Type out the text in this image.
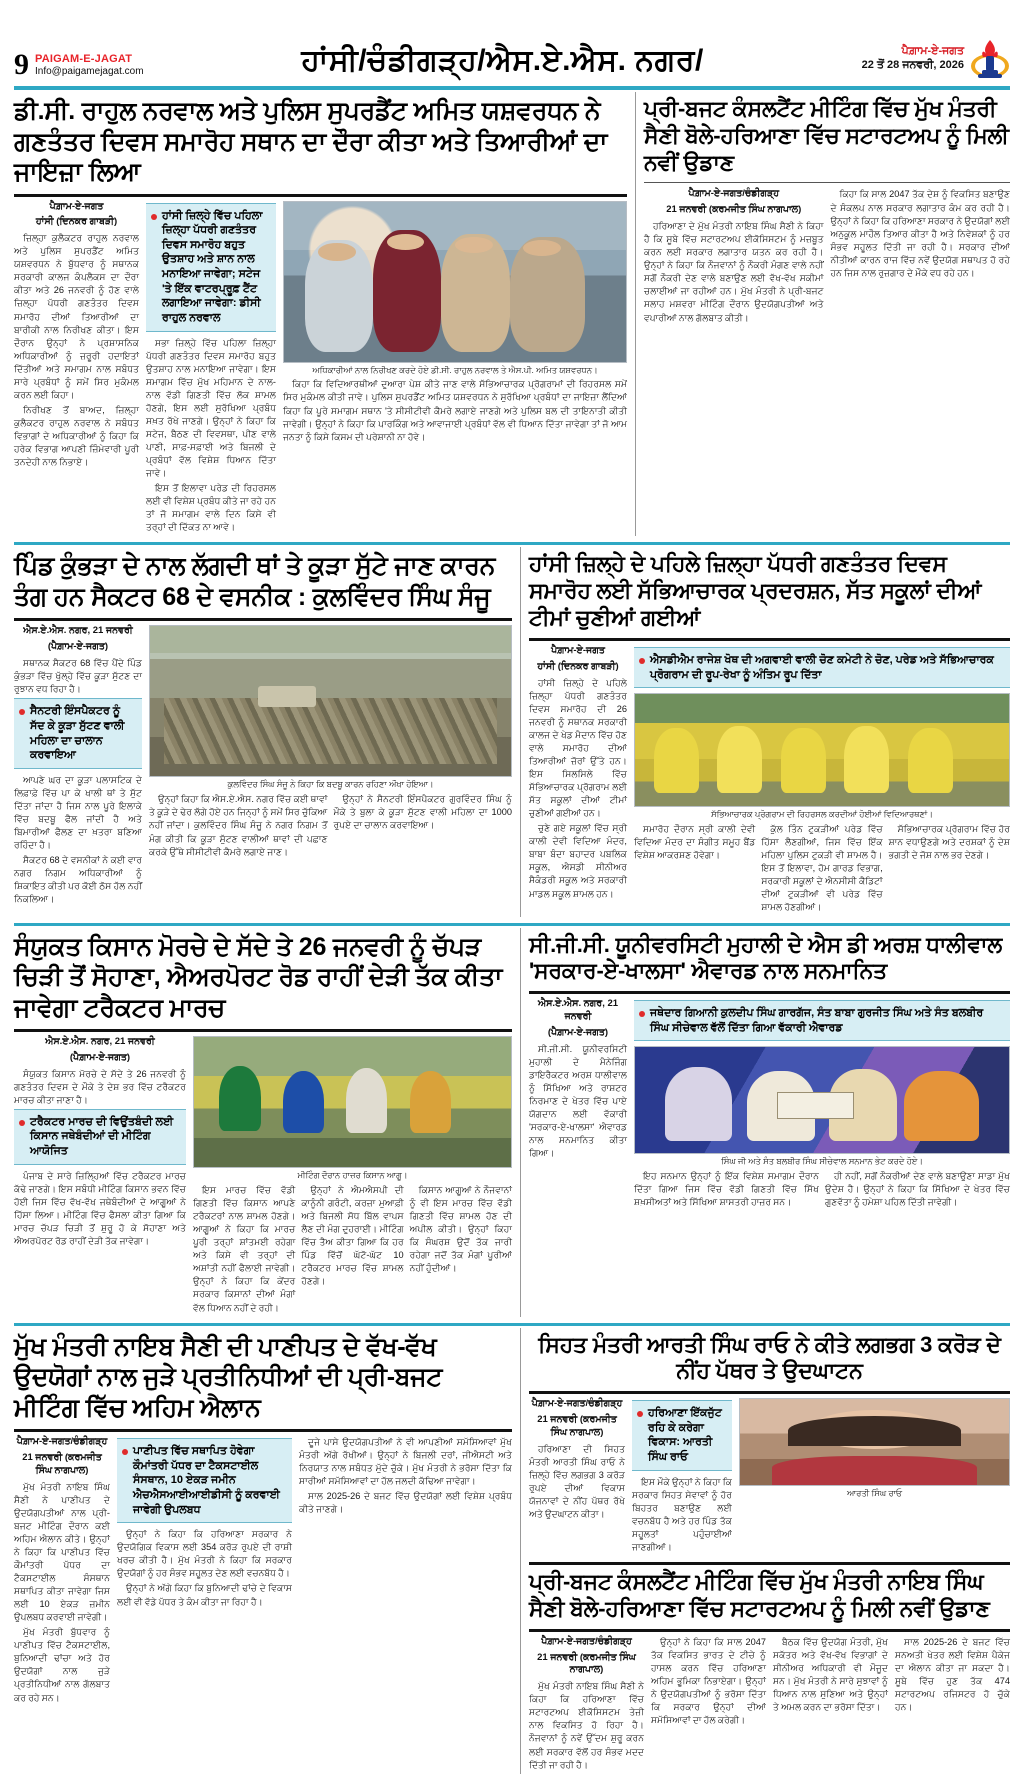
9 PAIGAM-E-JAGAT
Info@paigamejagat.com	ਹਾਂਸੀ/ਚੰਡੀਗੜ੍ਹ/ਐਸ.ਏ.ਐਸ. ਨਗਰ/	ਪੈਗ਼ਾਮ-ਏ-ਜਗਤ
22 ਤੋਂ 28 ਜਨਵਰੀ, 2026
ਡੀ.ਸੀ. ਰਾਹੁਲ ਨਰਵਾਲ ਅਤੇ ਪੁਲਿਸ ਸੁਪਰਡੈਂਟ ਅਮਿਤ ਯਸ਼ਵਰਧਨ ਨੇ ਗਣਤੰਤਰ ਦਿਵਸ ਸਮਾਰੋਹ ਸਥਾਨ ਦਾ ਦੌਰਾ ਕੀਤਾ ਅਤੇ ਤਿਆਰੀਆਂ ਦਾ ਜਾਇਜ਼ਾ ਲਿਆ
ਪੈਗ਼ਾਮ-ਏ-ਜਗਤ
ਹਾਂਸੀ (ਦਿਨਕਰ ਗਾਬੜੀ)

ਜ਼ਿਲ੍ਹਾ ਕੁਲੈਕਟਰ ਰਾਹੁਲ ਨਰਵਾਲ ਅਤੇ ਪੁਲਿਸ ਸੁਪਰਡੈਂਟ ਅਮਿਤ ਯਸ਼ਵਰਧਨ ਨੇ ਬੁੱਧਵਾਰ ਨੂੰ ਸਥਾਨਕ ਸਰਕਾਰੀ ਕਾਲਜ ਕੰਪਲੈਕਸ ਦਾ ਦੌਰਾ ਕੀਤਾ ਅਤੇ 26 ਜਨਵਰੀ ਨੂੰ ਹੋਣ ਵਾਲੇ ਜ਼ਿਲ੍ਹਾ ਪੱਧਰੀ ਗਣਤੰਤਰ ਦਿਵਸ ਸਮਾਰੋਹ ਦੀਆਂ ਤਿਆਰੀਆਂ ਦਾ ਬਾਰੀਕੀ ਨਾਲ ਨਿਰੀਖਣ ਕੀਤਾ। ਇਸ ਦੌਰਾਨ ਉਨ੍ਹਾਂ ਨੇ ਪ੍ਰਸ਼ਾਸਨਿਕ ਅਧਿਕਾਰੀਆਂ ਨੂੰ ਜ਼ਰੂਰੀ ਹਦਾਇਤਾਂ ਦਿੱਤੀਆਂ ਅਤੇ ਸਮਾਗਮ ਨਾਲ ਸਬੰਧਤ ਸਾਰੇ ਪ੍ਰਬੰਧਾਂ ਨੂੰ ਸਮੇਂ ਸਿਰ ਮੁਕੰਮਲ ਕਰਨ ਲਈ ਕਿਹਾ।

ਨਿਰੀਖਣ ਤੋਂ ਬਾਅਦ, ਜ਼ਿਲ੍ਹਾ ਕੁਲੈਕਟਰ ਰਾਹੁਲ ਨਰਵਾਲ ਨੇ ਸਬੰਧਤ ਵਿਭਾਗਾਂ ਦੇ ਅਧਿਕਾਰੀਆਂ ਨੂੰ ਕਿਹਾ ਕਿ ਹਰੇਕ ਵਿਭਾਗ ਆਪਣੀ ਜ਼ਿੰਮੇਵਾਰੀ ਪੂਰੀ ਤਨਦੇਹੀ ਨਾਲ ਨਿਭਾਏ।

ਹਾਂਸੀ ਜ਼ਿਲ੍ਹੇ ਵਿੱਚ ਪਹਿਲਾ ਜ਼ਿਲ੍ਹਾ ਪੱਧਰੀ ਗਣਤੰਤਰ ਦਿਵਸ ਸਮਾਰੋਹ ਬਹੁਤ ਉਤਸ਼ਾਹ ਅਤੇ ਸ਼ਾਨ ਨਾਲ ਮਨਾਇਆ ਜਾਵੇਗਾ; ਸਟੇਜ 'ਤੇ ਇੱਕ ਵਾਟਰਪ੍ਰੂਫ਼ ਟੈਂਟ ਲਗਾਇਆ ਜਾਵੇਗਾ: ਡੀਸੀ ਰਾਹੁਲ ਨਰਵਾਲ

ਸਭਾ ਜ਼ਿਲ੍ਹੇ ਵਿੱਚ ਪਹਿਲਾ ਜ਼ਿਲ੍ਹਾ ਪੱਧਰੀ ਗਣਤੰਤਰ ਦਿਵਸ ਸਮਾਰੋਹ ਬਹੁਤ ਉਤਸ਼ਾਹ ਨਾਲ ਮਨਾਇਆ ਜਾਵੇਗਾ। ਇਸ ਸਮਾਗਮ ਵਿੱਚ ਮੁੱਖ ਮਹਿਮਾਨ ਦੇ ਨਾਲ-ਨਾਲ ਵੱਡੀ ਗਿਣਤੀ ਵਿੱਚ ਲੋਕ ਸ਼ਾਮਲ ਹੋਣਗੇ, ਇਸ ਲਈ ਸੁਰੱਖਿਆ ਪ੍ਰਬੰਧ ਸਖ਼ਤ ਰੱਖੇ ਜਾਣਗੇ। ਉਨ੍ਹਾਂ ਨੇ ਕਿਹਾ ਕਿ ਸਟੇਜ, ਬੈਠਣ ਦੀ ਵਿਵਸਥਾ, ਪੀਣ ਵਾਲੇ ਪਾਣੀ, ਸਾਫ਼-ਸਫ਼ਾਈ ਅਤੇ ਬਿਜਲੀ ਦੇ ਪ੍ਰਬੰਧਾਂ ਵੱਲ ਵਿਸ਼ੇਸ਼ ਧਿਆਨ ਦਿੱਤਾ ਜਾਵੇ।

ਇਸ ਤੋਂ ਇਲਾਵਾ ਪਰੇਡ ਦੀ ਰਿਹਰਸਲ ਲਈ ਵੀ ਵਿਸ਼ੇਸ਼ ਪ੍ਰਬੰਧ ਕੀਤੇ ਜਾ ਰਹੇ ਹਨ ਤਾਂ ਜੋ ਸਮਾਗਮ ਵਾਲੇ ਦਿਨ ਕਿਸੇ ਵੀ ਤਰ੍ਹਾਂ ਦੀ ਦਿੱਕਤ ਨਾ ਆਵੇ।

ਅਧਿਕਾਰੀਆਂ ਨਾਲ ਨਿਰੀਖਣ ਕਰਦੇ ਹੋਏ ਡੀ.ਸੀ. ਰਾਹੁਲ ਨਰਵਾਲ ਤੇ ਐਸ.ਪੀ. ਅਮਿਤ ਯਸ਼ਵਰਧਨ।

ਕਿਹਾ ਕਿ ਵਿਦਿਆਰਥੀਆਂ ਦੁਆਰਾ ਪੇਸ਼ ਕੀਤੇ ਜਾਣ ਵਾਲੇ ਸੱਭਿਆਚਾਰਕ ਪ੍ਰੋਗਰਾਮਾਂ ਦੀ ਰਿਹਰਸਲ ਸਮੇਂ ਸਿਰ ਮੁਕੰਮਲ ਕੀਤੀ ਜਾਵੇ। ਪੁਲਿਸ ਸੁਪਰਡੈਂਟ ਅਮਿਤ ਯਸ਼ਵਰਧਨ ਨੇ ਸੁਰੱਖਿਆ ਪ੍ਰਬੰਧਾਂ ਦਾ ਜਾਇਜ਼ਾ ਲੈਂਦਿਆਂ ਕਿਹਾ ਕਿ ਪੂਰੇ ਸਮਾਗਮ ਸਥਾਨ 'ਤੇ ਸੀਸੀਟੀਵੀ ਕੈਮਰੇ ਲਗਾਏ ਜਾਣਗੇ ਅਤੇ ਪੁਲਿਸ ਬਲ ਦੀ ਤਾਇਨਾਤੀ ਕੀਤੀ ਜਾਵੇਗੀ। ਉਨ੍ਹਾਂ ਨੇ ਕਿਹਾ ਕਿ ਪਾਰਕਿੰਗ ਅਤੇ ਆਵਾਜਾਈ ਪ੍ਰਬੰਧਾਂ ਵੱਲ ਵੀ ਧਿਆਨ ਦਿੱਤਾ ਜਾਵੇਗਾ ਤਾਂ ਜੋ ਆਮ ਜਨਤਾ ਨੂੰ ਕਿਸੇ ਕਿਸਮ ਦੀ ਪਰੇਸ਼ਾਨੀ ਨਾ ਹੋਵੇ।

ਪ੍ਰੀ-ਬਜਟ ਕੰਸਲਟੈਂਟ ਮੀਟਿੰਗ ਵਿੱਚ ਮੁੱਖ ਮੰਤਰੀ ਸੈਣੀ ਬੋਲੇ-ਹਰਿਆਣਾ ਵਿੱਚ ਸਟਾਰਟਅਪ ਨੂੰ ਮਿਲੀ ਨਵੀਂ ਉਡਾਣ
ਪੈਗ਼ਾਮ-ਏ-ਜਗਤ/ਚੰਡੀਗੜ੍ਹ
21 ਜਨਵਰੀ (ਕਰਮਜੀਤ ਸਿੰਘ ਨਾਗਪਾਲ)

ਹਰਿਆਣਾ ਦੇ ਮੁੱਖ ਮੰਤਰੀ ਨਾਇਬ ਸਿੰਘ ਸੈਣੀ ਨੇ ਕਿਹਾ ਹੈ ਕਿ ਸੂਬੇ ਵਿੱਚ ਸਟਾਰਟਅਪ ਈਕੋਸਿਸਟਮ ਨੂੰ ਮਜ਼ਬੂਤ ਕਰਨ ਲਈ ਸਰਕਾਰ ਲਗਾਤਾਰ ਯਤਨ ਕਰ ਰਹੀ ਹੈ। ਉਨ੍ਹਾਂ ਨੇ ਕਿਹਾ ਕਿ ਨੌਜਵਾਨਾਂ ਨੂੰ ਨੌਕਰੀ ਮੰਗਣ ਵਾਲੇ ਨਹੀਂ ਸਗੋਂ ਨੌਕਰੀ ਦੇਣ ਵਾਲੇ ਬਣਾਉਣ ਲਈ ਵੱਖ-ਵੱਖ ਸਕੀਮਾਂ ਚਲਾਈਆਂ ਜਾ ਰਹੀਆਂ ਹਨ। ਮੁੱਖ ਮੰਤਰੀ ਨੇ ਪ੍ਰੀ-ਬਜਟ ਸਲਾਹ ਮਸ਼ਵਰਾ ਮੀਟਿੰਗ ਦੌਰਾਨ ਉਦਯੋਗਪਤੀਆਂ ਅਤੇ ਵਪਾਰੀਆਂ ਨਾਲ ਗੱਲਬਾਤ ਕੀਤੀ।

ਕਿਹਾ ਕਿ ਸਾਲ 2047 ਤੱਕ ਦੇਸ਼ ਨੂੰ ਵਿਕਸਿਤ ਬਣਾਉਣ ਦੇ ਸੰਕਲਪ ਨਾਲ ਸਰਕਾਰ ਲਗਾਤਾਰ ਕੰਮ ਕਰ ਰਹੀ ਹੈ। ਉਨ੍ਹਾਂ ਨੇ ਕਿਹਾ ਕਿ ਹਰਿਆਣਾ ਸਰਕਾਰ ਨੇ ਉਦਯੋਗਾਂ ਲਈ ਅਨੁਕੂਲ ਮਾਹੌਲ ਤਿਆਰ ਕੀਤਾ ਹੈ ਅਤੇ ਨਿਵੇਸ਼ਕਾਂ ਨੂੰ ਹਰ ਸੰਭਵ ਸਹੂਲਤ ਦਿੱਤੀ ਜਾ ਰਹੀ ਹੈ। ਸਰਕਾਰ ਦੀਆਂ ਨੀਤੀਆਂ ਕਾਰਨ ਰਾਜ ਵਿੱਚ ਨਵੇਂ ਉਦਯੋਗ ਸਥਾਪਤ ਹੋ ਰਹੇ ਹਨ ਜਿਸ ਨਾਲ ਰੁਜ਼ਗਾਰ ਦੇ ਮੌਕੇ ਵਧ ਰਹੇ ਹਨ।

ਪਿੰਡ ਕੁੰਭੜਾ ਦੇ ਨਾਲ ਲੱਗਦੀ ਥਾਂ ਤੇ ਕੂੜਾ ਸੁੱਟੇ ਜਾਣ ਕਾਰਨ ਤੰਗ ਹਨ ਸੈਕਟਰ 68 ਦੇ ਵਸਨੀਕ : ਕੁਲਵਿੰਦਰ ਸਿੰਘ ਸੰਜੂ
ਐਸ.ਏ.ਐਸ. ਨਗਰ, 21 ਜਨਵਰੀ
(ਪੈਗ਼ਾਮ-ਏ-ਜਗਤ)

ਸਥਾਨਕ ਸੈਕਟਰ 68 ਵਿੱਚ ਪੈਂਦੇ ਪਿੰਡ ਕੁੰਭੜਾ ਵਿੱਚ ਖੁੱਲ੍ਹੇ ਵਿੱਚ ਕੂੜਾ ਸੁੱਟਣ ਦਾ ਰੁਝਾਨ ਵਧ ਰਿਹਾ ਹੈ।

ਸੈਨਟਰੀ ਇੰਸਪੈਕਟਰ ਨੂੰ ਸੱਦ ਕੇ ਕੂੜਾ ਸੁੱਟਣ ਵਾਲੀ ਮਹਿਲਾ ਦਾ ਚਾਲਾਨ ਕਰਵਾਇਆ

ਆਪਣੇ ਘਰ ਦਾ ਕੂੜਾ ਪਲਾਸਟਿਕ ਦੇ ਲਿਫ਼ਾਫ਼ੇ ਵਿੱਚ ਪਾ ਕੇ ਖਾਲੀ ਥਾਂ ਤੇ ਸੁੱਟ ਦਿੱਤਾ ਜਾਂਦਾ ਹੈ ਜਿਸ ਨਾਲ ਪੂਰੇ ਇਲਾਕੇ ਵਿੱਚ ਬਦਬੂ ਫੈਲ ਜਾਂਦੀ ਹੈ ਅਤੇ ਬਿਮਾਰੀਆਂ ਫੈਲਣ ਦਾ ਖ਼ਤਰਾ ਬਣਿਆ ਰਹਿੰਦਾ ਹੈ।

ਸੈਕਟਰ 68 ਦੇ ਵਸਨੀਕਾਂ ਨੇ ਕਈ ਵਾਰ ਨਗਰ ਨਿਗਮ ਅਧਿਕਾਰੀਆਂ ਨੂੰ ਸ਼ਿਕਾਇਤ ਕੀਤੀ ਪਰ ਕੋਈ ਠੋਸ ਹੱਲ ਨਹੀਂ ਨਿਕਲਿਆ।

ਕੁਲਵਿੰਦਰ ਸਿੰਘ ਸੰਜੂ ਨੇ ਕਿਹਾ ਕਿ ਬਦਬੂ ਕਾਰਨ ਰਹਿਣਾ ਔਖਾ ਹੋਇਆ।

ਉਨ੍ਹਾਂ ਕਿਹਾ ਕਿ ਐਸ.ਏ.ਐਸ. ਨਗਰ ਵਿੱਚ ਕਈ ਥਾਵਾਂ ਤੇ ਕੂੜੇ ਦੇ ਢੇਰ ਲੱਗੇ ਹੋਏ ਹਨ ਜਿਨ੍ਹਾਂ ਨੂੰ ਸਮੇਂ ਸਿਰ ਚੁੱਕਿਆ ਨਹੀਂ ਜਾਂਦਾ। ਕੁਲਵਿੰਦਰ ਸਿੰਘ ਸੰਜੂ ਨੇ ਨਗਰ ਨਿਗਮ ਤੋਂ ਮੰਗ ਕੀਤੀ ਕਿ ਕੂੜਾ ਸੁੱਟਣ ਵਾਲੀਆਂ ਥਾਵਾਂ ਦੀ ਪਛਾਣ ਕਰਕੇ ਉੱਥੇ ਸੀਸੀਟੀਵੀ ਕੈਮਰੇ ਲਗਾਏ ਜਾਣ।

ਉਨ੍ਹਾਂ ਨੇ ਸੈਨਟਰੀ ਇੰਸਪੈਕਟਰ ਗੁਰਵਿੰਦਰ ਸਿੰਘ ਨੂੰ ਮੌਕੇ ਤੇ ਬੁਲਾ ਕੇ ਕੂੜਾ ਸੁੱਟਣ ਵਾਲੀ ਮਹਿਲਾ ਦਾ 1000 ਰੁਪਏ ਦਾ ਚਾਲਾਨ ਕਰਵਾਇਆ।

ਹਾਂਸੀ ਜ਼ਿਲ੍ਹੇ ਦੇ ਪਹਿਲੇ ਜ਼ਿਲ੍ਹਾ ਪੱਧਰੀ ਗਣਤੰਤਰ ਦਿਵਸ ਸਮਾਰੋਹ ਲਈ ਸੱਭਿਆਚਾਰਕ ਪ੍ਰਦਰਸ਼ਨ, ਸੱਤ ਸਕੂਲਾਂ ਦੀਆਂ ਟੀਮਾਂ ਚੁਣੀਆਂ ਗਈਆਂ
ਪੈਗ਼ਾਮ-ਏ-ਜਗਤ
ਹਾਂਸੀ (ਦਿਨਕਰ ਗਾਬੜੀ)

ਹਾਂਸੀ ਜ਼ਿਲ੍ਹੇ ਦੇ ਪਹਿਲੇ ਜ਼ਿਲ੍ਹਾ ਪੱਧਰੀ ਗਣਤੰਤਰ ਦਿਵਸ ਸਮਾਰੋਹ ਦੀ 26 ਜਨਵਰੀ ਨੂੰ ਸਥਾਨਕ ਸਰਕਾਰੀ ਕਾਲਜ ਦੇ ਖੇਡ ਮੈਦਾਨ ਵਿੱਚ ਹੋਣ ਵਾਲੇ ਸਮਾਰੋਹ ਦੀਆਂ ਤਿਆਰੀਆਂ ਜ਼ੋਰਾਂ ਉੱਤੇ ਹਨ। ਇਸ ਸਿਲਸਿਲੇ ਵਿੱਚ ਸੱਭਿਆਚਾਰਕ ਪ੍ਰੋਗਰਾਮ ਲਈ ਸੱਤ ਸਕੂਲਾਂ ਦੀਆਂ ਟੀਮਾਂ ਚੁਣੀਆਂ ਗਈਆਂ ਹਨ।

ਚੁਣੇ ਗਏ ਸਕੂਲਾਂ ਵਿੱਚ ਸ੍ਰੀ ਕਾਲੀ ਦੇਵੀ ਵਿਦਿਆ ਮੰਦਰ, ਬਾਬਾ ਬੰਦਾ ਬਹਾਦਰ ਪਬਲਿਕ ਸਕੂਲ, ਐਸਡੀ ਸੀਨੀਅਰ ਸੈਕੰਡਰੀ ਸਕੂਲ ਅਤੇ ਸਰਕਾਰੀ ਮਾਡਲ ਸਕੂਲ ਸ਼ਾਮਲ ਹਨ।

ਐਸਡੀਐਮ ਰਾਜੇਸ਼ ਖੋਥ ਦੀ ਅਗਵਾਈ ਵਾਲੀ ਚੋਣ ਕਮੇਟੀ ਨੇ ਚੋਣ, ਪਰੇਡ ਅਤੇ ਸੱਭਿਆਚਾਰਕ ਪ੍ਰੋਗਰਾਮ ਦੀ ਰੂਪ-ਰੇਖਾ ਨੂੰ ਅੰਤਿਮ ਰੂਪ ਦਿੱਤਾ
ਸੱਭਿਆਚਾਰਕ ਪ੍ਰੋਗਰਾਮ ਦੀ ਰਿਹਰਸਲ ਕਰਦੀਆਂ ਹੋਈਆਂ ਵਿਦਿਆਰਥਣਾਂ।

ਸਮਾਰੋਹ ਦੌਰਾਨ ਸ੍ਰੀ ਕਾਲੀ ਦੇਵੀ ਵਿਦਿਆ ਮੰਦਰ ਦਾ ਸੰਗੀਤ ਸਮੂਹ ਬੈਂਡ ਵਿਸ਼ੇਸ਼ ਆਕਰਸ਼ਣ ਹੋਵੇਗਾ।

ਕੁੱਲ ਤਿੰਨ ਟੁਕੜੀਆਂ ਪਰੇਡ ਵਿੱਚ ਹਿੱਸਾ ਲੈਣਗੀਆਂ, ਜਿਸ ਵਿੱਚ ਇੱਕ ਮਹਿਲਾ ਪੁਲਿਸ ਟੁਕੜੀ ਵੀ ਸ਼ਾਮਲ ਹੈ। ਇਸ ਤੋਂ ਇਲਾਵਾ, ਹੋਮ ਗਾਰਡ ਵਿਭਾਗ, ਸਰਕਾਰੀ ਸਕੂਲਾਂ ਦੇ ਐਨਸੀਸੀ ਕੈਡਿਟਾਂ ਦੀਆਂ ਟੁਕੜੀਆਂ ਵੀ ਪਰੇਡ ਵਿੱਚ ਸ਼ਾਮਲ ਹੋਣਗੀਆਂ।

ਸੱਭਿਆਚਾਰਕ ਪ੍ਰੋਗਰਾਮ ਵਿੱਚ ਹੋਰ ਸ਼ਾਨ ਵਧਾਉਣਗੇ ਅਤੇ ਦਰਸ਼ਕਾਂ ਨੂੰ ਦੇਸ਼ ਭਗਤੀ ਦੇ ਜੋਸ਼ ਨਾਲ ਭਰ ਦੇਣਗੇ।

ਸੰਯੁਕਤ ਕਿਸਾਨ ਮੋਰਚੇ ਦੇ ਸੱਦੇ ਤੇ 26 ਜਨਵਰੀ ਨੂੰ ਚੱਪੜ ਚਿੜੀ ਤੋਂ ਸੋਹਾਣਾ, ਐਅਰਪੋਰਟ ਰੋਡ ਰਾਹੀਂ ਦੇੜੀ ਤੱਕ ਕੀਤਾ ਜਾਵੇਗਾ ਟਰੈਕਟਰ ਮਾਰਚ
ਐਸ.ਏ.ਐਸ. ਨਗਰ, 21 ਜਨਵਰੀ
(ਪੈਗ਼ਾਮ-ਏ-ਜਗਤ)

ਸੰਯੁਕਤ ਕਿਸਾਨ ਮੋਰਚੇ ਦੇ ਸੱਦੇ ਤੇ 26 ਜਨਵਰੀ ਨੂੰ ਗਣਤੰਤਰ ਦਿਵਸ ਦੇ ਮੌਕੇ ਤੇ ਦੇਸ਼ ਭਰ ਵਿੱਚ ਟਰੈਕਟਰ ਮਾਰਚ ਕੀਤਾ ਜਾਣਾ ਹੈ।

ਟਰੈਕਟਰ ਮਾਰਚ ਦੀ ਵਿਉਂਤਬੰਦੀ ਲਈ ਕਿਸਾਨ ਜਥੇਬੰਦੀਆਂ ਦੀ ਮੀਟਿੰਗ ਆਯੋਜਿਤ

ਪੰਜਾਬ ਦੇ ਸਾਰੇ ਜ਼ਿਲ੍ਹਿਆਂ ਵਿੱਚ ਟਰੈਕਟਰ ਮਾਰਚ ਕੱਢੇ ਜਾਣਗੇ। ਇਸ ਸਬੰਧੀ ਮੀਟਿੰਗ ਕਿਸਾਨ ਭਵਨ ਵਿੱਚ ਹੋਈ ਜਿਸ ਵਿੱਚ ਵੱਖ-ਵੱਖ ਜਥੇਬੰਦੀਆਂ ਦੇ ਆਗੂਆਂ ਨੇ ਹਿੱਸਾ ਲਿਆ। ਮੀਟਿੰਗ ਵਿੱਚ ਫੈਸਲਾ ਕੀਤਾ ਗਿਆ ਕਿ ਮਾਰਚ ਚੱਪੜ ਚਿੜੀ ਤੋਂ ਸ਼ੁਰੂ ਹੋ ਕੇ ਸੋਹਾਣਾ ਅਤੇ ਐਅਰਪੋਰਟ ਰੋਡ ਰਾਹੀਂ ਦੇੜੀ ਤੱਕ ਜਾਵੇਗਾ।

ਮੀਟਿੰਗ ਦੌਰਾਨ ਹਾਜ਼ਰ ਕਿਸਾਨ ਆਗੂ।

ਇਸ ਮਾਰਚ ਵਿੱਚ ਵੱਡੀ ਗਿਣਤੀ ਵਿੱਚ ਕਿਸਾਨ ਆਪਣੇ ਟਰੈਕਟਰਾਂ ਨਾਲ ਸ਼ਾਮਲ ਹੋਣਗੇ। ਆਗੂਆਂ ਨੇ ਕਿਹਾ ਕਿ ਮਾਰਚ ਪੂਰੀ ਤਰ੍ਹਾਂ ਸ਼ਾਂਤਮਈ ਰਹੇਗਾ ਅਤੇ ਕਿਸੇ ਵੀ ਤਰ੍ਹਾਂ ਦੀ ਅਸ਼ਾਂਤੀ ਨਹੀਂ ਫੈਲਾਈ ਜਾਵੇਗੀ। ਉਨ੍ਹਾਂ ਨੇ ਕਿਹਾ ਕਿ ਕੇਂਦਰ ਸਰਕਾਰ ਕਿਸਾਨਾਂ ਦੀਆਂ ਮੰਗਾਂ ਵੱਲ ਧਿਆਨ ਨਹੀਂ ਦੇ ਰਹੀ।

ਉਨ੍ਹਾਂ ਨੇ ਐਮਐਸਪੀ ਦੀ ਕਾਨੂੰਨੀ ਗਰੰਟੀ, ਕਰਜ਼ਾ ਮੁਆਫ਼ੀ ਅਤੇ ਬਿਜਲੀ ਸੋਧ ਬਿੱਲ ਵਾਪਸ ਲੈਣ ਦੀ ਮੰਗ ਦੁਹਰਾਈ। ਮੀਟਿੰਗ ਵਿੱਚ ਤੈਅ ਕੀਤਾ ਗਿਆ ਕਿ ਹਰ ਪਿੰਡ ਵਿੱਚੋਂ ਘੱਟੋ-ਘੱਟ 10 ਟਰੈਕਟਰ ਮਾਰਚ ਵਿੱਚ ਸ਼ਾਮਲ ਹੋਣਗੇ।

ਕਿਸਾਨ ਆਗੂਆਂ ਨੇ ਨੌਜਵਾਨਾਂ ਨੂੰ ਵੀ ਇਸ ਮਾਰਚ ਵਿੱਚ ਵੱਡੀ ਗਿਣਤੀ ਵਿੱਚ ਸ਼ਾਮਲ ਹੋਣ ਦੀ ਅਪੀਲ ਕੀਤੀ। ਉਨ੍ਹਾਂ ਕਿਹਾ ਕਿ ਸੰਘਰਸ਼ ਉਦੋਂ ਤੱਕ ਜਾਰੀ ਰਹੇਗਾ ਜਦੋਂ ਤੱਕ ਮੰਗਾਂ ਪੂਰੀਆਂ ਨਹੀਂ ਹੁੰਦੀਆਂ।

ਸੀ.ਜੀ.ਸੀ. ਯੂਨੀਵਰਸਿਟੀ ਮੁਹਾਲੀ ਦੇ ਐਸ ਡੀ ਅਰਸ਼ ਧਾਲੀਵਾਲ 'ਸਰਕਾਰ-ਏ-ਖਾਲਸਾ' ਐਵਾਰਡ ਨਾਲ ਸਨਮਾਨਿਤ
ਐਸ.ਏ.ਐਸ. ਨਗਰ, 21 ਜਨਵਰੀ
(ਪੈਗ਼ਾਮ-ਏ-ਜਗਤ)

ਸੀ.ਜੀ.ਸੀ. ਯੂਨੀਵਰਸਿਟੀ ਮੁਹਾਲੀ ਦੇ ਮੈਨੇਜਿੰਗ ਡਾਇਰੈਕਟਰ ਅਰਸ਼ ਧਾਲੀਵਾਲ ਨੂੰ ਸਿੱਖਿਆ ਅਤੇ ਰਾਸ਼ਟਰ ਨਿਰਮਾਣ ਦੇ ਖੇਤਰ ਵਿੱਚ ਪਾਏ ਯੋਗਦਾਨ ਲਈ ਵੱਕਾਰੀ 'ਸਰਕਾਰ-ਏ-ਖਾਲਸਾ' ਐਵਾਰਡ ਨਾਲ ਸਨਮਾਨਿਤ ਕੀਤਾ ਗਿਆ।

ਜਥੇਦਾਰ ਗਿਆਨੀ ਕੁਲਦੀਪ ਸਿੰਘ ਗਾਰਗੱਜ, ਸੰਤ ਬਾਬਾ ਗੁਰਜੀਤ ਸਿੰਘ ਅਤੇ ਸੰਤ ਬਲਬੀਰ ਸਿੰਘ ਸੀਚੇਵਾਲ ਵੱਲੋਂ ਦਿੱਤਾ ਗਿਆ ਵੱਕਾਰੀ ਐਵਾਰਡ
ਸਿੰਘ ਜੀ ਅਤੇ ਸੰਤ ਬਲਬੀਰ ਸਿੰਘ ਸੀਚੇਵਾਲ ਸਨਮਾਨ ਭੇਟ ਕਰਦੇ ਹੋਏ।

ਇਹ ਸਨਮਾਨ ਉਨ੍ਹਾਂ ਨੂੰ ਇੱਕ ਵਿਸ਼ੇਸ਼ ਸਮਾਗਮ ਦੌਰਾਨ ਦਿੱਤਾ ਗਿਆ ਜਿਸ ਵਿੱਚ ਵੱਡੀ ਗਿਣਤੀ ਵਿੱਚ ਸਿੱਖ ਸ਼ਖ਼ਸੀਅਤਾਂ ਅਤੇ ਸਿੱਖਿਆ ਸ਼ਾਸਤਰੀ ਹਾਜ਼ਰ ਸਨ।

ਹੀ ਨਹੀਂ, ਸਗੋਂ ਨੌਕਰੀਆਂ ਦੇਣ ਵਾਲੇ ਬਣਾਉਣਾ ਸਾਡਾ ਮੁੱਖ ਉਦੇਸ਼ ਹੈ। ਉਨ੍ਹਾਂ ਨੇ ਕਿਹਾ ਕਿ ਸਿੱਖਿਆ ਦੇ ਖੇਤਰ ਵਿੱਚ ਗੁਣਵੱਤਾ ਨੂੰ ਹਮੇਸ਼ਾ ਪਹਿਲ ਦਿੱਤੀ ਜਾਵੇਗੀ।

ਮੁੱਖ ਮੰਤਰੀ ਨਾਇਬ ਸੈਣੀ ਦੀ ਪਾਣੀਪਤ ਦੇ ਵੱਖ-ਵੱਖ ਉਦਯੋਗਾਂ ਨਾਲ ਜੁੜੇ ਪ੍ਰਤੀਨਿਧੀਆਂ ਦੀ ਪ੍ਰੀ-ਬਜਟ ਮੀਟਿੰਗ ਵਿੱਚ ਅਹਿਮ ਐਲਾਨ
ਪੈਗ਼ਾਮ-ਏ-ਜਗਤ/ਚੰਡੀਗੜ੍ਹ
21 ਜਨਵਰੀ (ਕਰਮਜੀਤ ਸਿੰਘ ਨਾਗਪਾਲ)

ਮੁੱਖ ਮੰਤਰੀ ਨਾਇਬ ਸਿੰਘ ਸੈਣੀ ਨੇ ਪਾਣੀਪਤ ਦੇ ਉਦਯੋਗਪਤੀਆਂ ਨਾਲ ਪ੍ਰੀ-ਬਜਟ ਮੀਟਿੰਗ ਦੌਰਾਨ ਕਈ ਅਹਿਮ ਐਲਾਨ ਕੀਤੇ। ਉਨ੍ਹਾਂ ਨੇ ਕਿਹਾ ਕਿ ਪਾਣੀਪਤ ਵਿੱਚ ਕੌਮਾਂਤਰੀ ਪੱਧਰ ਦਾ ਟੈਕਸਟਾਈਲ ਸੰਸਥਾਨ ਸਥਾਪਿਤ ਕੀਤਾ ਜਾਵੇਗਾ ਜਿਸ ਲਈ 10 ਏਕੜ ਜ਼ਮੀਨ ਉਪਲਬਧ ਕਰਵਾਈ ਜਾਵੇਗੀ।

ਮੁੱਖ ਮੰਤਰੀ ਬੁੱਧਵਾਰ ਨੂੰ ਪਾਣੀਪਤ ਵਿੱਚ ਟੈਕਸਟਾਈਲ, ਬੁਨਿਆਦੀ ਢਾਂਚਾ ਅਤੇ ਹੋਰ ਉਦਯੋਗਾਂ ਨਾਲ ਜੁੜੇ ਪ੍ਰਤੀਨਿਧੀਆਂ ਨਾਲ ਗੱਲਬਾਤ ਕਰ ਰਹੇ ਸਨ।

ਪਾਣੀਪਤ ਵਿੱਚ ਸਥਾਪਿਤ ਹੋਵੇਗਾ ਕੌਮਾਂਤਰੀ ਪੱਧਰ ਦਾ ਟੈਕਸਟਾਈਲ ਸੰਸਥਾਨ, 10 ਏਕੜ ਜਮੀਨ ਐਚਐਸਆਈਆਈਡੀਸੀ ਨੂੰ ਕਰਵਾਈ ਜਾਵੇਗੀ ਉਪਲਬਧ

ਉਨ੍ਹਾਂ ਨੇ ਕਿਹਾ ਕਿ ਹਰਿਆਣਾ ਸਰਕਾਰ ਨੇ ਉਦਯੋਗਿਕ ਵਿਕਾਸ ਲਈ 354 ਕਰੋੜ ਰੁਪਏ ਦੀ ਰਾਸ਼ੀ ਖਰਚ ਕੀਤੀ ਹੈ। ਮੁੱਖ ਮੰਤਰੀ ਨੇ ਕਿਹਾ ਕਿ ਸਰਕਾਰ ਉਦਯੋਗਾਂ ਨੂੰ ਹਰ ਸੰਭਵ ਸਹੂਲਤ ਦੇਣ ਲਈ ਵਚਨਬੱਧ ਹੈ।

ਉਨ੍ਹਾਂ ਨੇ ਅੱਗੇ ਕਿਹਾ ਕਿ ਬੁਨਿਆਦੀ ਢਾਂਚੇ ਦੇ ਵਿਕਾਸ ਲਈ ਵੀ ਵੱਡੇ ਪੱਧਰ ਤੇ ਕੰਮ ਕੀਤਾ ਜਾ ਰਿਹਾ ਹੈ।

ਦੂਜੇ ਪਾਸੇ ਉਦਯੋਗਪਤੀਆਂ ਨੇ ਵੀ ਆਪਣੀਆਂ ਸਮੱਸਿਆਵਾਂ ਮੁੱਖ ਮੰਤਰੀ ਅੱਗੇ ਰੱਖੀਆਂ। ਉਨ੍ਹਾਂ ਨੇ ਬਿਜਲੀ ਦਰਾਂ, ਜੀਐਸਟੀ ਅਤੇ ਨਿਰਯਾਤ ਨਾਲ ਸਬੰਧਤ ਮੁੱਦੇ ਚੁੱਕੇ। ਮੁੱਖ ਮੰਤਰੀ ਨੇ ਭਰੋਸਾ ਦਿੱਤਾ ਕਿ ਸਾਰੀਆਂ ਸਮੱਸਿਆਵਾਂ ਦਾ ਹੱਲ ਜਲਦੀ ਕੱਢਿਆ ਜਾਵੇਗਾ।

ਸਾਲ 2025-26 ਦੇ ਬਜਟ ਵਿੱਚ ਉਦਯੋਗਾਂ ਲਈ ਵਿਸ਼ੇਸ਼ ਪ੍ਰਬੰਧ ਕੀਤੇ ਜਾਣਗੇ।

ਸਿਹਤ ਮੰਤਰੀ ਆਰਤੀ ਸਿੰਘ ਰਾਓ ਨੇ ਕੀਤੇ ਲਗਭਗ 3 ਕਰੋੜ ਦੇ ਨੀਂਹ ਪੱਥਰ ਤੇ ਉਦਘਾਟਨ
ਪੈਗ਼ਾਮ-ਏ-ਜਗਤ/ਚੰਡੀਗੜ੍ਹ
21 ਜਨਵਰੀ (ਕਰਮਜੀਤ ਸਿੰਘ ਨਾਗਪਾਲ)

ਹਰਿਆਣਾ ਦੀ ਸਿਹਤ ਮੰਤਰੀ ਆਰਤੀ ਸਿੰਘ ਰਾਓ ਨੇ ਜ਼ਿਲ੍ਹੇ ਵਿੱਚ ਲਗਭਗ 3 ਕਰੋੜ ਰੁਪਏ ਦੀਆਂ ਵਿਕਾਸ ਯੋਜਨਾਵਾਂ ਦੇ ਨੀਂਹ ਪੱਥਰ ਰੱਖੇ ਅਤੇ ਉਦਘਾਟਨ ਕੀਤਾ।

ਹਰਿਆਣਾ ਇੱਕਜੁੱਟ ਰਹਿ ਕੇ ਕਰੇਗਾ ਵਿਕਾਸ: ਆਰਤੀ ਸਿੰਘ ਰਾਓ

ਇਸ ਮੌਕੇ ਉਨ੍ਹਾਂ ਨੇ ਕਿਹਾ ਕਿ ਸਰਕਾਰ ਸਿਹਤ ਸੇਵਾਵਾਂ ਨੂੰ ਹੋਰ ਬਿਹਤਰ ਬਣਾਉਣ ਲਈ ਵਚਨਬੱਧ ਹੈ ਅਤੇ ਹਰ ਪਿੰਡ ਤੱਕ ਸਹੂਲਤਾਂ ਪਹੁੰਚਾਈਆਂ ਜਾਣਗੀਆਂ।

ਆਰਤੀ ਸਿੰਘ ਰਾਓ
ਪ੍ਰੀ-ਬਜਟ ਕੰਸਲਟੈਂਟ ਮੀਟਿੰਗ ਵਿੱਚ ਮੁੱਖ ਮੰਤਰੀ ਨਾਇਬ ਸਿੰਘ ਸੈਣੀ ਬੋਲੇ-ਹਰਿਆਣਾ ਵਿੱਚ ਸਟਾਰਟਅਪ ਨੂੰ ਮਿਲੀ ਨਵੀਂ ਉਡਾਣ
ਪੈਗ਼ਾਮ-ਏ-ਜਗਤ/ਚੰਡੀਗੜ੍ਹ
21 ਜਨਵਰੀ (ਕਰਮਜੀਤ ਸਿੰਘ ਨਾਗਪਾਲ)

ਮੁੱਖ ਮੰਤਰੀ ਨਾਇਬ ਸਿੰਘ ਸੈਣੀ ਨੇ ਕਿਹਾ ਕਿ ਹਰਿਆਣਾ ਵਿੱਚ ਸਟਾਰਟਅਪ ਈਕੋਸਿਸਟਮ ਤੇਜ਼ੀ ਨਾਲ ਵਿਕਸਿਤ ਹੋ ਰਿਹਾ ਹੈ। ਨੌਜਵਾਨਾਂ ਨੂੰ ਨਵੇਂ ਉੱਦਮ ਸ਼ੁਰੂ ਕਰਨ ਲਈ ਸਰਕਾਰ ਵੱਲੋਂ ਹਰ ਸੰਭਵ ਮਦਦ ਦਿੱਤੀ ਜਾ ਰਹੀ ਹੈ।

ਉਨ੍ਹਾਂ ਨੇ ਕਿਹਾ ਕਿ ਸਾਲ 2047 ਤੱਕ ਵਿਕਸਿਤ ਭਾਰਤ ਦੇ ਟੀਚੇ ਨੂੰ ਹਾਸਲ ਕਰਨ ਵਿੱਚ ਹਰਿਆਣਾ ਅਹਿਮ ਭੂਮਿਕਾ ਨਿਭਾਏਗਾ। ਉਨ੍ਹਾਂ ਨੇ ਉਦਯੋਗਪਤੀਆਂ ਨੂੰ ਭਰੋਸਾ ਦਿੱਤਾ ਕਿ ਸਰਕਾਰ ਉਨ੍ਹਾਂ ਦੀਆਂ ਸਮੱਸਿਆਵਾਂ ਦਾ ਹੱਲ ਕਰੇਗੀ।

ਬੈਠਕ ਵਿੱਚ ਉਦਯੋਗ ਮੰਤਰੀ, ਮੁੱਖ ਸਕੱਤਰ ਅਤੇ ਵੱਖ-ਵੱਖ ਵਿਭਾਗਾਂ ਦੇ ਸੀਨੀਅਰ ਅਧਿਕਾਰੀ ਵੀ ਮੌਜੂਦ ਸਨ। ਮੁੱਖ ਮੰਤਰੀ ਨੇ ਸਾਰੇ ਸੁਝਾਵਾਂ ਨੂੰ ਧਿਆਨ ਨਾਲ ਸੁਣਿਆ ਅਤੇ ਉਨ੍ਹਾਂ ਤੇ ਅਮਲ ਕਰਨ ਦਾ ਭਰੋਸਾ ਦਿੱਤਾ।

ਸਾਲ 2025-26 ਦੇ ਬਜਟ ਵਿੱਚ ਸਨਅਤੀ ਖੇਤਰ ਲਈ ਵਿਸ਼ੇਸ਼ ਪੈਕੇਜ ਦਾ ਐਲਾਨ ਕੀਤਾ ਜਾ ਸਕਦਾ ਹੈ। ਸੂਬੇ ਵਿੱਚ ਹੁਣ ਤੱਕ 474 ਸਟਾਰਟਅਪ ਰਜਿਸਟਰ ਹੋ ਚੁੱਕੇ ਹਨ।
